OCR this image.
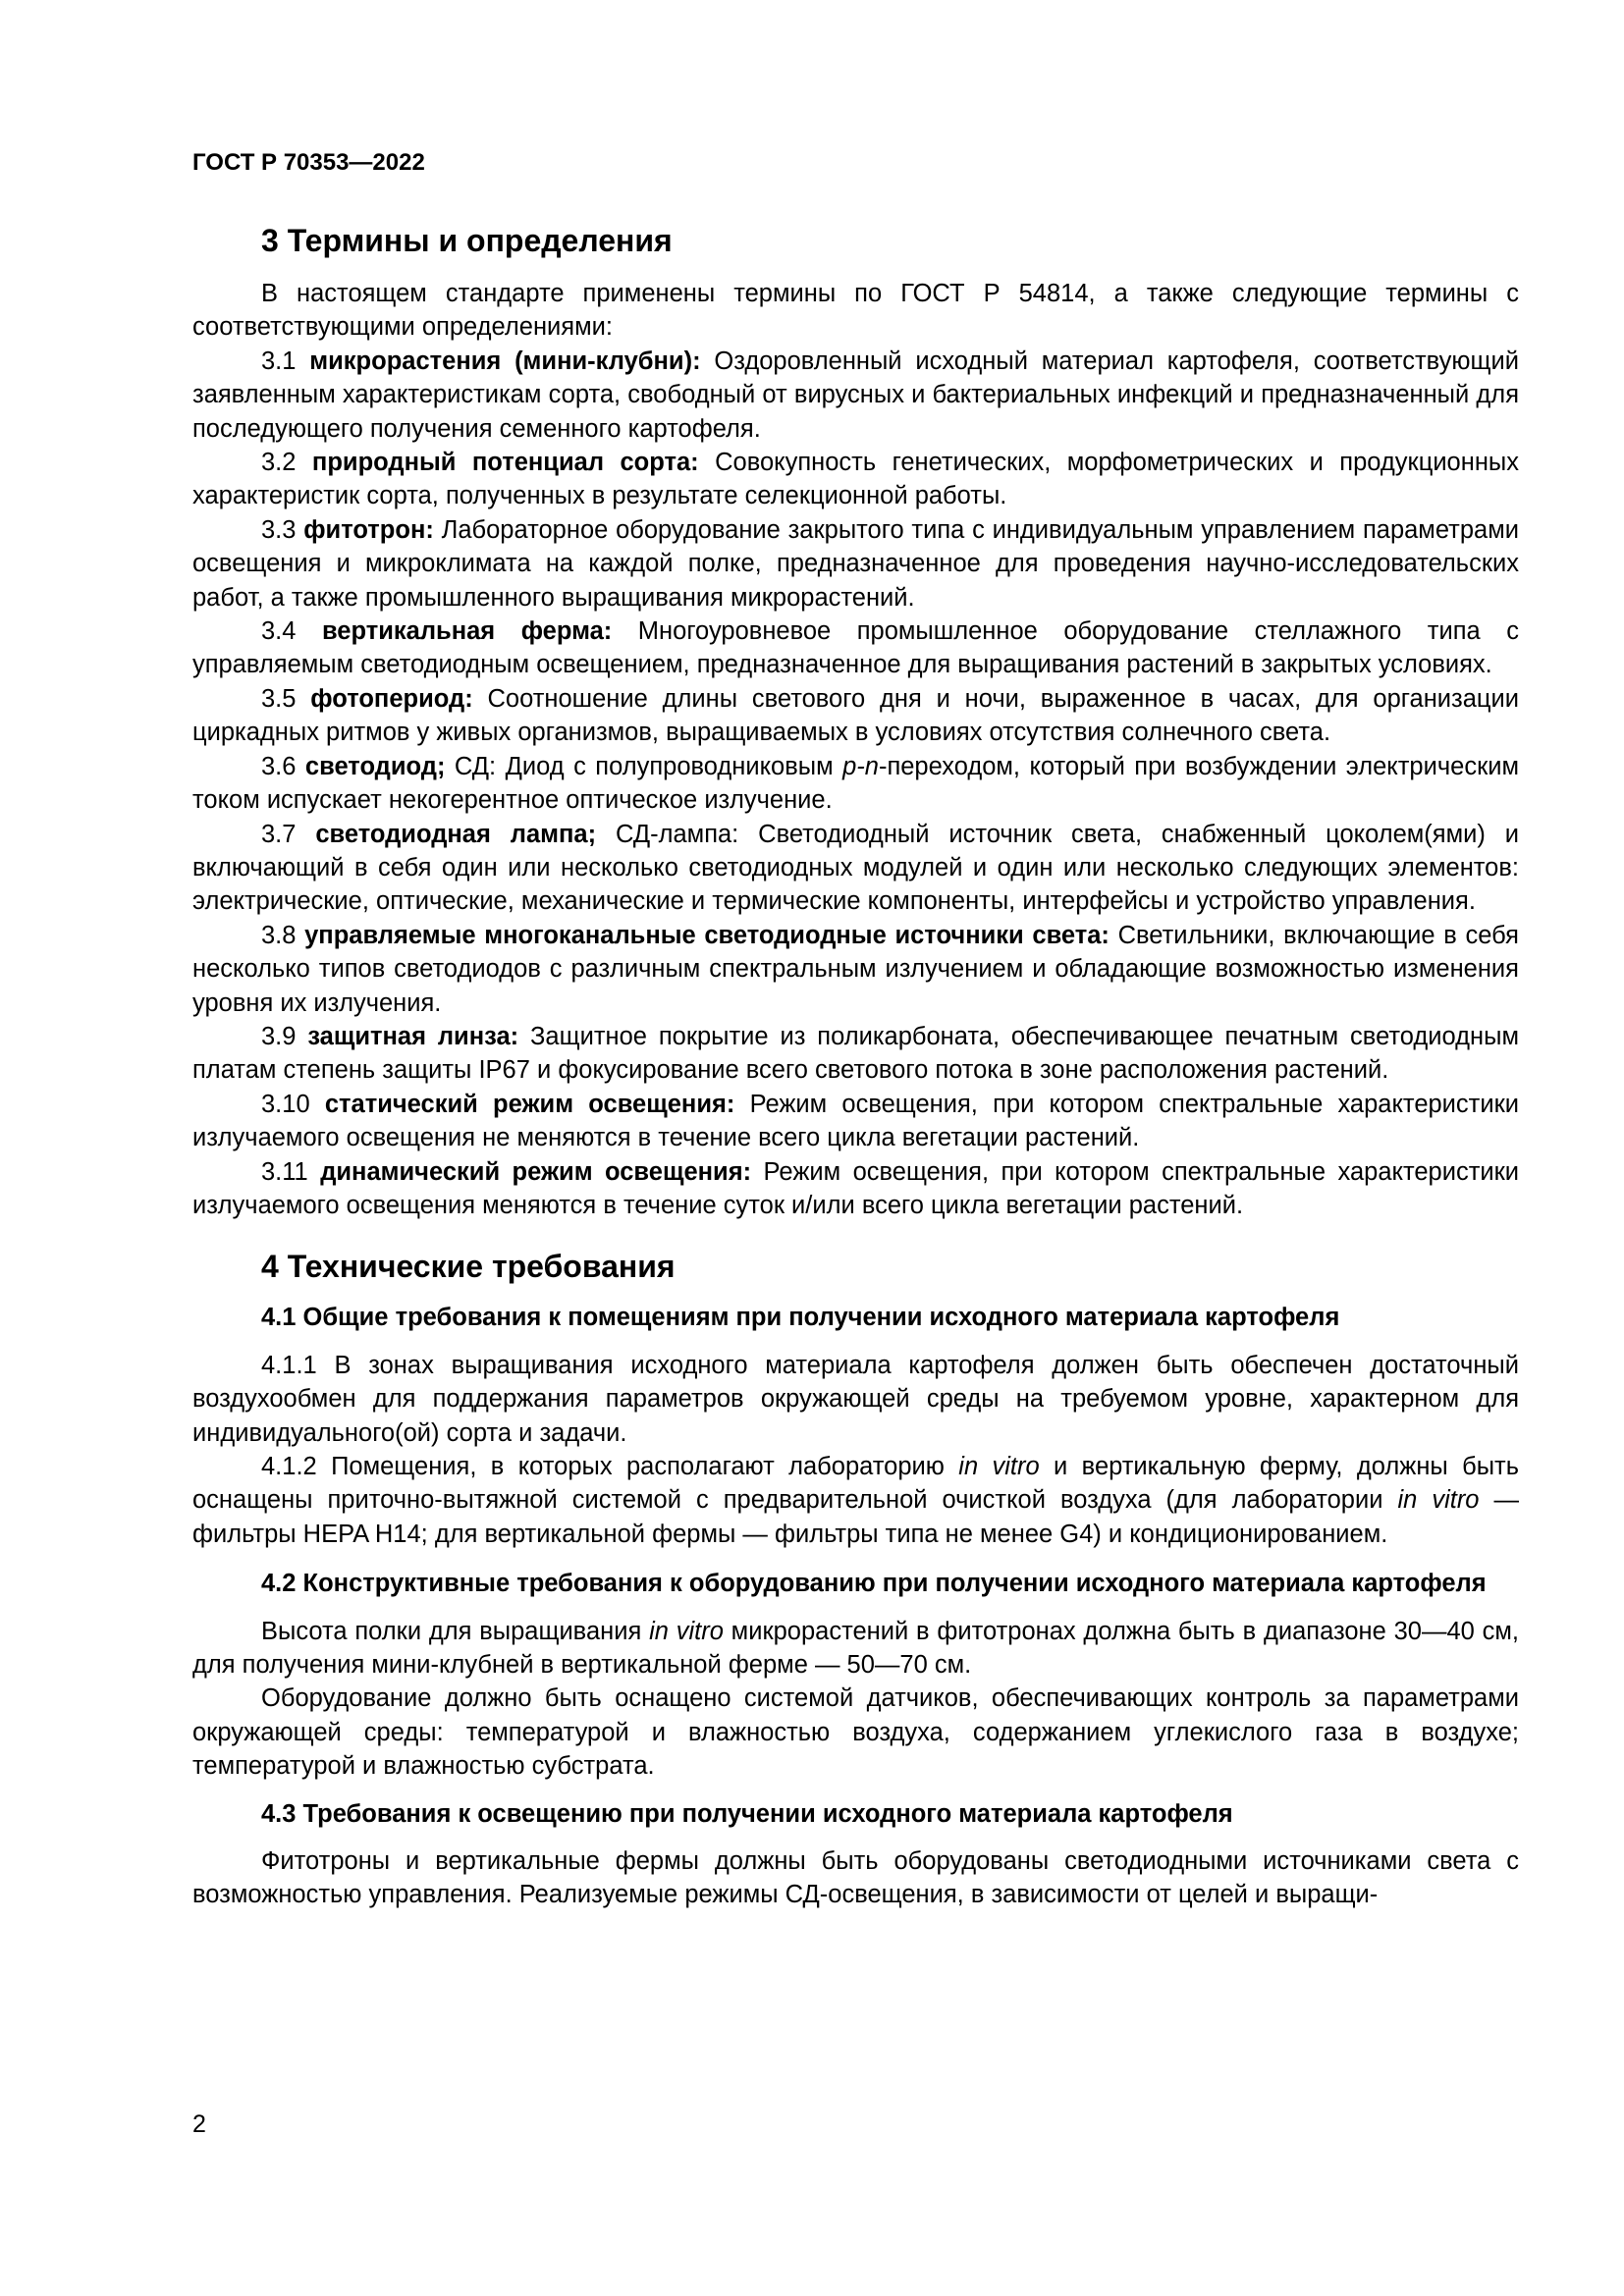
ГОСТ Р 70353—2022
3 Термины и определения

В настоящем стандарте применены термины по ГОСТ Р 54814, а также следующие термины с соответствующими определениями:

3.1 микрорастения (мини-клубни): Оздоровленный исходный материал картофеля, соответствующий заявленным характеристикам сорта, свободный от вирусных и бактериальных инфекций и предназначенный для последующего получения семенного картофеля.

3.2 природный потенциал сорта: Совокупность генетических, морфометрических и продукционных характеристик сорта, полученных в результате селекционной работы.

3.3 фитотрон: Лабораторное оборудование закрытого типа с индивидуальным управлением параметрами освещения и микроклимата на каждой полке, предназначенное для проведения научно-исследовательских работ, а также промышленного выращивания микрорастений.

3.4 вертикальная ферма: Многоуровневое промышленное оборудование стеллажного типа с управляемым светодиодным освещением, предназначенное для выращивания растений в закрытых условиях.

3.5 фотопериод: Соотношение длины светового дня и ночи, выраженное в часах, для организации циркадных ритмов у живых организмов, выращиваемых в условиях отсутствия солнечного света.

3.6 светодиод; СД: Диод с полупроводниковым p-n-переходом, который при возбуждении электрическим током испускает некогерентное оптическое излучение.

3.7 светодиодная лампа; СД-лампа: Светодиодный источник света, снабженный цоколем(ями) и включающий в себя один или несколько светодиодных модулей и один или несколько следующих элементов: электрические, оптические, механические и термические компоненты, интерфейсы и устройство управления.

3.8 управляемые многоканальные светодиодные источники света: Светильники, включающие в себя несколько типов светодиодов с различным спектральным излучением и обладающие возможностью изменения уровня их излучения.

3.9 защитная линза: Защитное покрытие из поликарбоната, обеспечивающее печатным светодиодным платам степень защиты IP67 и фокусирование всего светового потока в зоне расположения растений.

3.10 статический режим освещения: Режим освещения, при котором спектральные характеристики излучаемого освещения не меняются в течение всего цикла вегетации растений.

3.11 динамический режим освещения: Режим освещения, при котором спектральные характеристики излучаемого освещения меняются в течение суток и/или всего цикла вегетации растений.

4 Технические требования
4.1 Общие требования к помещениям при получении исходного материала картофеля

4.1.1 В зонах выращивания исходного материала картофеля должен быть обеспечен достаточный воздухообмен для поддержания параметров окружающей среды на требуемом уровне, характерном для индивидуального(ой) сорта и задачи.

4.1.2 Помещения, в которых располагают лабораторию in vitro и вертикальную ферму, должны быть оснащены приточно-вытяжной системой с предварительной очисткой воздуха (для лаборатории in vitro — фильтры HEPA H14; для вертикальной фермы — фильтры типа не менее G4) и кондиционированием.

4.2 Конструктивные требования к оборудованию при получении исходного материала картофеля

Высота полки для выращивания in vitro микрорастений в фитотронах должна быть в диапазоне 30—40 см, для получения мини-клубней в вертикальной ферме — 50—70 см.

Оборудование должно быть оснащено системой датчиков, обеспечивающих контроль за параметрами окружающей среды: температурой и влажностью воздуха, содержанием углекислого газа в воздухе; температурой и влажностью субстрата.

4.3 Требования к освещению при получении исходного материала картофеля

Фитотроны и вертикальные фермы должны быть оборудованы светодиодными источниками света с возможностью управления. Реализуемые режимы СД-освещения, в зависимости от целей и выращи-

2
